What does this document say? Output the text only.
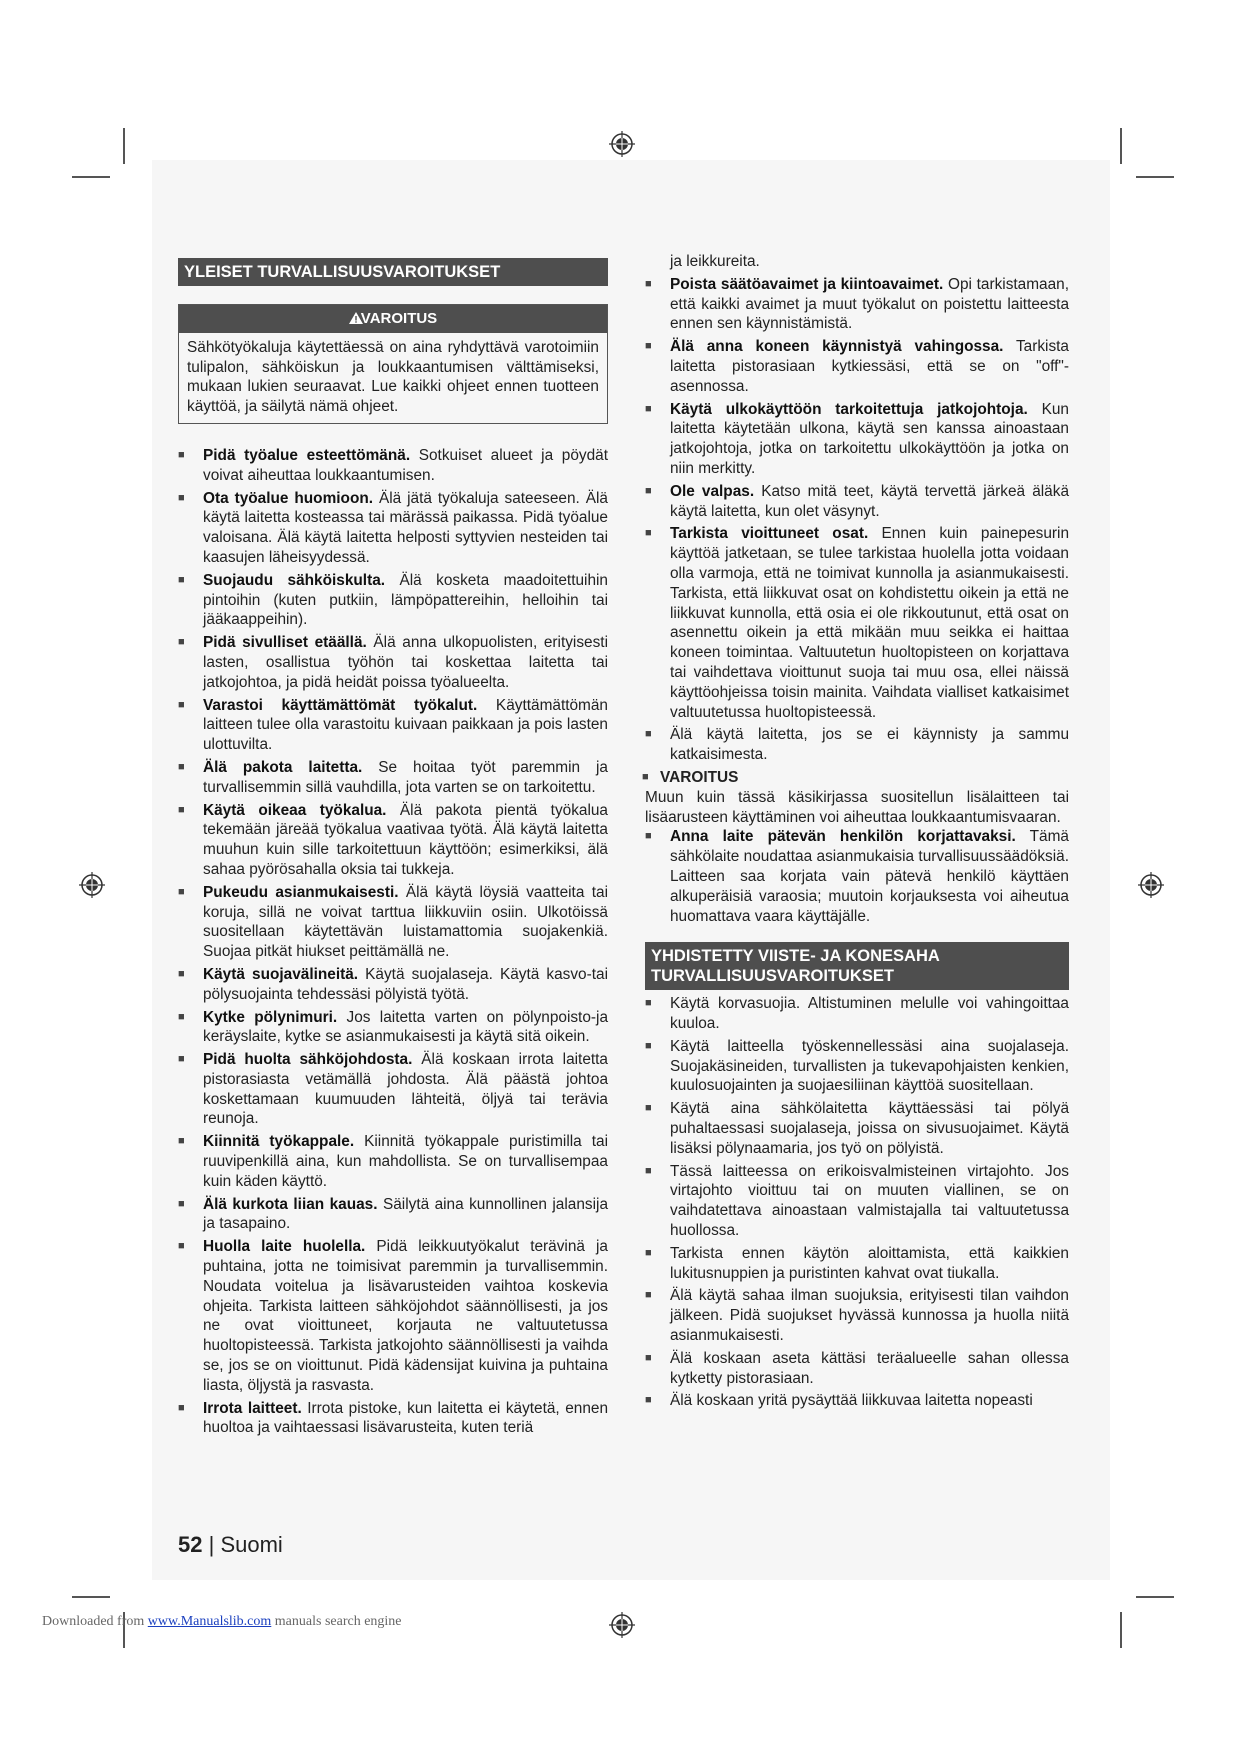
YLEISET TURVALLISUUSVAROITUKSET
VAROITUS
Sähkötyökaluja käytettäessä on aina ryhdyttävä varotoimiin tulipalon, sähköiskun ja loukkaantumisen välttämiseksi, mukaan lukien seuraavat. Lue kaikki ohjeet ennen tuotteen käyttöä, ja säilytä nämä ohjeet.
■ Pidä työalue esteettömänä. Sotkuiset alueet ja pöydät voivat aiheuttaa loukkaantumisen.
■ Ota työalue huomioon. Älä jätä työkaluja sateeseen. Älä käytä laitetta kosteassa tai märässä paikassa. Pidä työalue valoisana. Älä käytä laitetta helposti syttyvien nesteiden tai kaasujen läheisyydessä.
■ Suojaudu sähköiskulta. Älä kosketa maadoitettuihin pintoihin (kuten putkiin, lämpöpattereihin, helloihin tai jääkaappeihin).
■ Pidä sivulliset etäällä. Älä anna ulkopuolisten, erityisesti lasten, osallistua työhön tai koskettaa laitetta tai jatkojohtoa, ja pidä heidät poissa työalueelta.
■ Varastoi käyttämättömät työkalut. Käyttämättömän laitteen tulee olla varastoitu kuivaan paikkaan ja pois lasten ulottuvilta.
■ Älä pakota laitetta. Se hoitaa työt paremmin ja turvallisemmin sillä vauhdilla, jota varten se on tarkoitettu.
■ Käytä oikeaa työkalua. Älä pakota pientä työkalua tekemään järeää työkalua vaativaa työtä. Älä käytä laitetta muuhun kuin sille tarkoitettuun käyttöön; esimerkiksi, älä sahaa pyörösahalla oksia tai tukkeja.
■ Pukeudu asianmukaisesti. Älä käytä löysiä vaatteita tai koruja, sillä ne voivat tarttua liikkuviin osiin. Ulkotöissä suositellaan käytettävän luistamattomia suojakenkiä. Suojaa pitkät hiukset peittämällä ne.
■ Käytä suojavälineitä. Käytä suojalaseja. Käytä kasvo-tai pölysuojainta tehdessäsi pölyistä työtä.
■ Kytke pölynimuri. Jos laitetta varten on pölynpoisto-ja keräyslaite, kytke se asianmukaisesti ja käytä sitä oikein.
■ Pidä huolta sähköjohdosta. Älä koskaan irrota laitetta pistorasiasta vetämällä johdosta. Älä päästä johtoa koskettamaan kuumuuden lähteitä, öljyä tai terävia reunoja.
■ Kiinnitä työkappale. Kiinnitä työkappale puristimilla tai ruuvipenkillä aina, kun mahdollista. Se on turvallisempaa kuin käden käyttö.
■ Älä kurkota liian kauas. Säilytä aina kunnollinen jalansija ja tasapaino.
■ Huolla laite huolella. Pidä leikkuutyökalut terävinä ja puhtaina, jotta ne toimisivat paremmin ja turvallisemmin. Noudata voitelua ja lisävarusteiden vaihtoa koskevia ohjeita. Tarkista laitteen sähköjohdot säännöllisesti, ja jos ne ovat vioittuneet, korjauta ne valtuutetussa huoltopisteessä. Tarkista jatkojohto säännöllisesti ja vaihda se, jos se on vioittunut. Pidä kädensijat kuivina ja puhtaina liasta, öljystä ja rasvasta.
■ Irrota laitteet. Irrota pistoke, kun laitetta ei käytetä, ennen huoltoa ja vaihtaessasi lisävarusteita, kuten teriä
ja leikkureita.
■ Poista säätöavaimet ja kiintoavaimet. Opi tarkistamaan, että kaikki avaimet ja muut työkalut on poistettu laitteesta ennen sen käynnistämistä.
■ Älä anna koneen käynnistyä vahingossa. Tarkista laitetta pistorasiaan kytkiessäsi, että se on "off"-asennossa.
■ Käytä ulkokäyttöön tarkoitettuja jatkojohtoja. Kun laitetta käytetään ulkona, käytä sen kanssa ainoastaan jatkojohtoja, jotka on tarkoitettu ulkokäyttöön ja jotka on niin merkitty.
■ Ole valpas. Katso mitä teet, käytä tervettä järkeä äläkä käytä laitetta, kun olet väsynyt.
■ Tarkista vioittuneet osat. Ennen kuin painepesurin käyttöä jatketaan, se tulee tarkistaa huolella jotta voidaan olla varmoja, että ne toimivat kunnolla ja asianmukaisesti. Tarkista, että liikkuvat osat on kohdistettu oikein ja että ne liikkuvat kunnolla, että osia ei ole rikkoutunut, että osat on asennettu oikein ja että mikään muu seikka ei haittaa koneen toimintaa. Valtuutetun huoltopisteen on korjattava tai vaihdettava vioittunut suoja tai muu osa, ellei näissä käyttöohjeissa toisin mainita. Vaihdata vialliset katkaisimet valtuutetussa huoltopisteessä.
■ Älä käytä laitetta, jos se ei käynnisty ja sammu katkaisimesta.
■ VAROITUS
Muun kuin tässä käsikirjassa suositellun lisälaitteen tai lisäarusteen käyttäminen voi aiheuttaa loukkaantumisvaaran.
■ Anna laite pätevän henkilön korjattavaksi. Tämä sähkölaite noudattaa asianmukaisia turvallisuussäädöksiä. Laitteen saa korjata vain pätevä henkilö käyttäen alkuperäisiä varaosia; muutoin korjauksesta voi aiheutua huomattava vaara käyttäjälle.
YHDISTETTY VIISTE- JA KONESAHA TURVALLISUUSVAROITUKSET
■ Käytä korvasuojia. Altistuminen melulle voi vahingoittaa kuuloa.
■ Käytä laitteella työskennellessäsi aina suojalaseja. Suojakäsineiden, turvallisten ja tukevapohjaisten kenkien, kuulosuojainten ja suojaesiliinan käyttöä suositellaan.
■ Käytä aina sähkölaitetta käyttäessäsi tai pölyä puhaltaessasi suojalaseja, joissa on sivusuojaimet. Käytä lisäksi pölynaamaria, jos työ on pölyistä.
■ Tässä laitteessa on erikoisvalmisteinen virtajohto. Jos virtajohto vioittuu tai on muuten viallinen, se on vaihdatettava ainoastaan valmistajalla tai valtuutetussa huollossa.
■ Tarkista ennen käytön aloittamista, että kaikkien lukitusnuppien ja puristinten kahvat ovat tiukalla.
■ Älä käytä sahaa ilman suojuksia, erityisesti tilan vaihdon jälkeen. Pidä suojukset hyvässä kunnossa ja huolla niitä asianmukaisesti.
■ Älä koskaan aseta kättäsi teräalueelle sahan ollessa kytketty pistorasiaan.
■ Älä koskaan yritä pysäyttää liikkuvaa laitetta nopeasti
52 | Suomi
Downloaded from www.Manualslib.com manuals search engine
